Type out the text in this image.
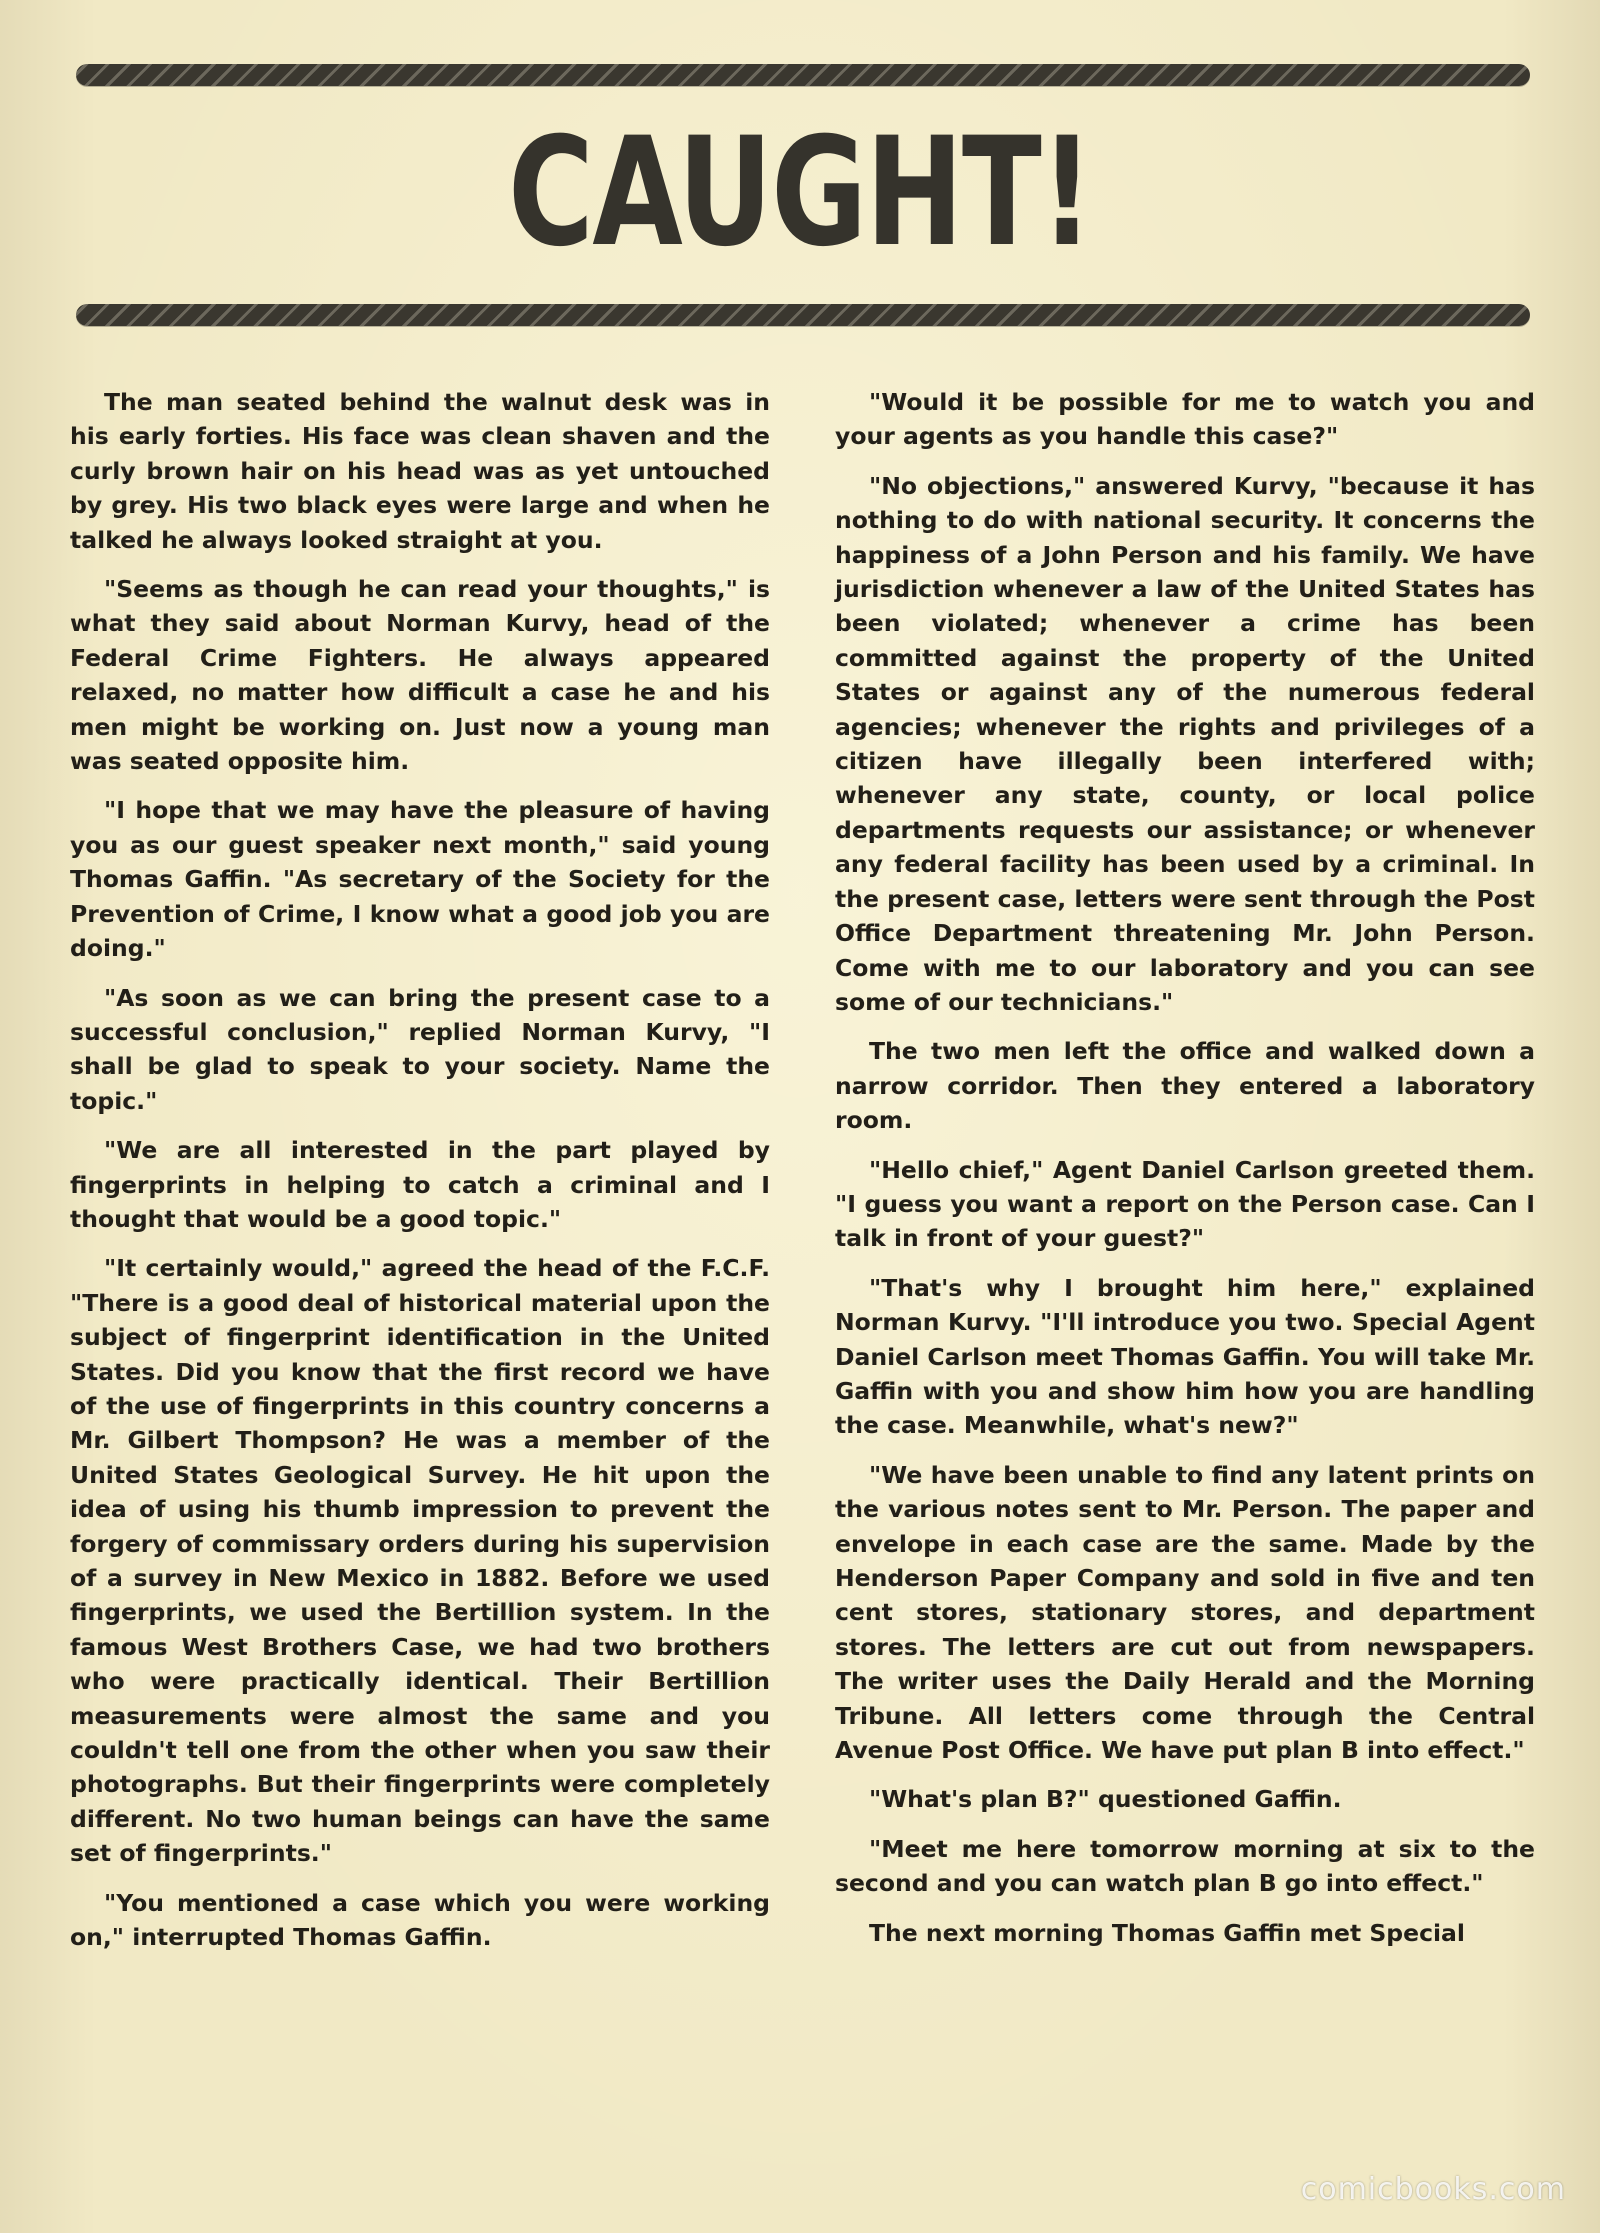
CAUGHT!

The man seated behind the walnut desk was in his early forties. His face was clean shaven and the curly brown hair on his head was as yet untouched by grey. His two black eyes were large and when he talked he always looked straight at you.

"Seems as though he can read your thoughts," is what they said about Norman Kurvy, head of the Federal Crime Fighters. He always appeared relaxed, no matter how difficult a case he and his men might be working on. Just now a young man was seated opposite him.

"I hope that we may have the pleasure of having you as our guest speaker next month," said young Thomas Gaffin. "As secretary of the Society for the Prevention of Crime, I know what a good job you are doing."

"As soon as we can bring the present case to a successful conclusion," replied Norman Kurvy, "I shall be glad to speak to your society. Name the topic."

"We are all interested in the part played by fingerprints in helping to catch a criminal and I thought that would be a good topic."

"It certainly would," agreed the head of the F.C.F. "There is a good deal of historical material upon the subject of fingerprint identification in the United States. Did you know that the first record we have of the use of fingerprints in this country concerns a Mr. Gilbert Thompson? He was a member of the United States Geological Survey. He hit upon the idea of using his thumb impression to prevent the forgery of commissary orders during his supervision of a survey in New Mexico in 1882. Before we used fingerprints, we used the Bertillion system. In the famous West Brothers Case, we had two brothers who were practically identical. Their Bertillion measurements were almost the same and you couldn't tell one from the other when you saw their photographs. But their fingerprints were completely different. No two human beings can have the same set of fingerprints."

"You mentioned a case which you were working on," interrupted Thomas Gaffin.

"Would it be possible for me to watch you and your agents as you handle this case?"

"No objections," answered Kurvy, "because it has nothing to do with national security. It concerns the happiness of a John Person and his family. We have jurisdiction whenever a law of the United States has been violated; whenever a crime has been committed against the property of the United States or against any of the numerous federal agencies; whenever the rights and privileges of a citizen have illegally been interfered with; whenever any state, county, or local police departments requests our assistance; or whenever any federal facility has been used by a criminal. In the present case, letters were sent through the Post Office Department threatening Mr. John Person. Come with me to our laboratory and you can see some of our technicians."

The two men left the office and walked down a narrow corridor. Then they entered a laboratory room.

"Hello chief," Agent Daniel Carlson greeted them. "I guess you want a report on the Person case. Can I talk in front of your guest?"

"That's why I brought him here," explained Norman Kurvy. "I'll introduce you two. Special Agent Daniel Carlson meet Thomas Gaffin. You will take Mr. Gaffin with you and show him how you are handling the case. Meanwhile, what's new?"

"We have been unable to find any latent prints on the various notes sent to Mr. Person. The paper and envelope in each case are the same. Made by the Henderson Paper Company and sold in five and ten cent stores, stationary stores, and department stores. The letters are cut out from newspapers. The writer uses the Daily Herald and the Morning Tribune. All letters come through the Central Avenue Post Office. We have put plan B into effect."

"What's plan B?" questioned Gaffin.

"Meet me here tomorrow morning at six to the second and you can watch plan B go into effect."

The next morning Thomas Gaffin met Special

comicbooks.com
